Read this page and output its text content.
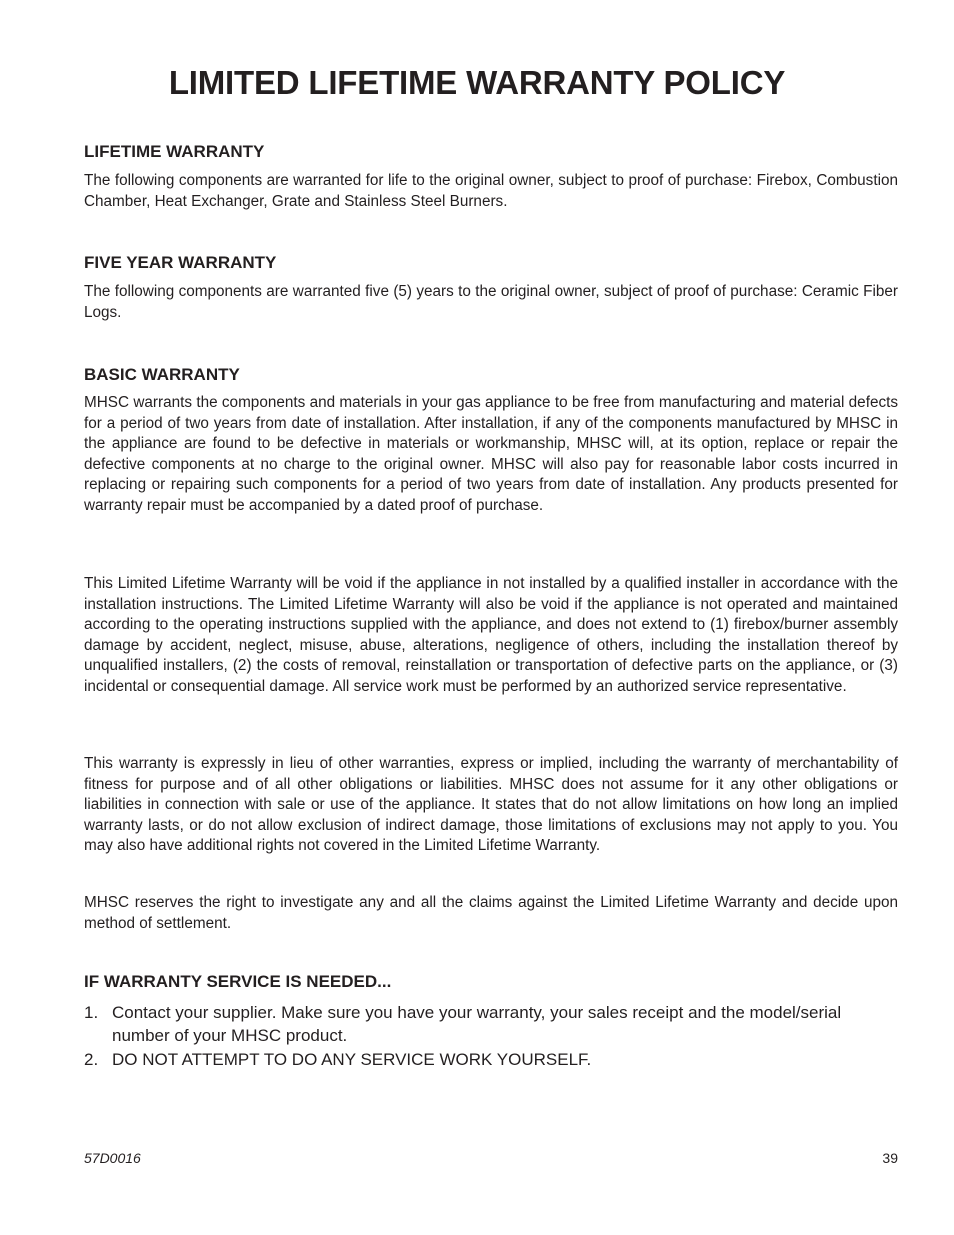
LIMITED LIFETIME WARRANTY POLICY
LIFETIME WARRANTY

The following components are warranted for life to the original owner, subject to proof of purchase: Firebox, Combustion Chamber, Heat Exchanger, Grate and Stainless Steel Burners.

FIVE YEAR WARRANTY

The following components are warranted five (5) years to the original owner, subject of proof of purchase: Ceramic Fiber Logs.

BASIC WARRANTY

MHSC warrants the components and materials in your gas appliance to be free from manufacturing and material defects for a period of two years from date of installation. After installation, if any of the components manufactured by MHSC in the appliance are found to be defective in materials or workmanship, MHSC will, at its option, replace or repair the defective components at no charge to the original owner. MHSC will also pay for reasonable labor costs incurred in replacing or repairing such components for a period of two years from date of installation. Any products presented for warranty repair must be accompanied by a dated proof of purchase.

This Limited Lifetime Warranty will be void if the appliance in not installed by a qualified installer in accordance with the installation instructions. The Limited Lifetime Warranty will also be void if the appliance is not operated and maintained according to the operating instructions supplied with the appliance, and does not extend to (1) firebox/burner assembly damage by accident, neglect, misuse, abuse, alterations, negligence of others, including the installation thereof by unqualified installers, (2) the costs of removal, reinstallation or transportation of defective parts on the appliance, or (3) incidental or consequential damage. All service work must be performed by an authorized service representative.

This warranty is expressly in lieu of other warranties, express or implied, including the warranty of merchantability of fitness for purpose and of all other obligations or liabilities. MHSC does not assume for it any other obligations or liabilities in connection with sale or use of the appliance. It states that do not allow limitations on how long an implied warranty lasts, or do not allow exclusion of indirect damage, those limitations of exclusions may not apply to you. You may also have additional rights not covered in the Limited Lifetime Warranty.

MHSC reserves the right to investigate any and all the claims against the Limited Lifetime Warranty and decide upon method of settlement.

IF WARRANTY SERVICE IS NEEDED...
1. Contact your supplier. Make sure you have your warranty, your sales receipt and the model/​serial number of your MHSC product.
2. DO NOT ATTEMPT TO DO ANY SERVICE WORK YOURSELF.
57D0016	39
